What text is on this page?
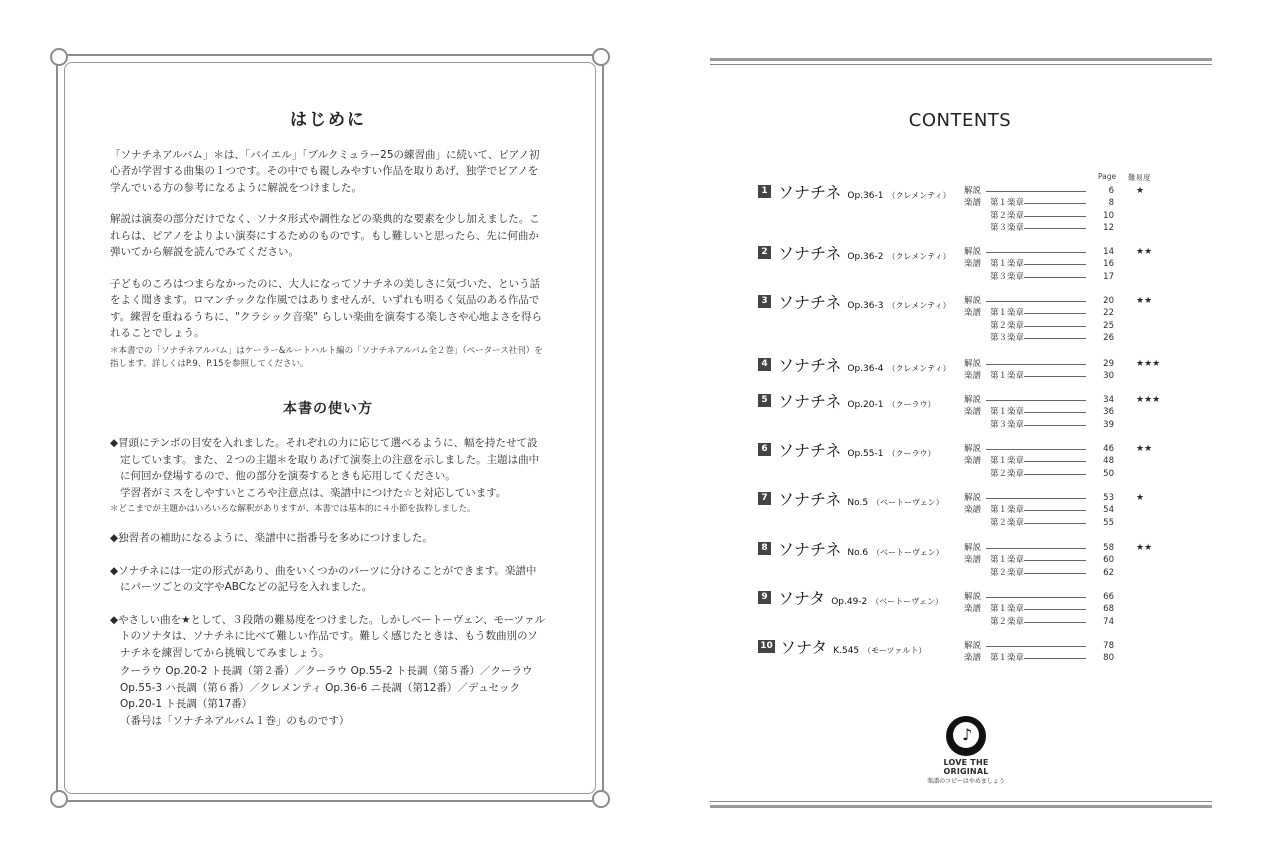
はじめに

「ソナチネアルバム」＊は、「バイエル」「ブルクミュラー25の練習曲」に続いて、ピアノ初心者が学習する曲集の１つです。その中でも親しみやすい作品を取りあげ、独学でピアノを学んでいる方の参考になるように解説をつけました。

解説は演奏の部分だけでなく、ソナタ形式や調性などの楽典的な要素を少し加えました。これらは、ピアノをよりよい演奏にするためのものです。もし難しいと思ったら、先に何曲か弾いてから解説を読んでみてください。

子どものころはつまらなかったのに、大人になってソナチネの美しさに気づいた、という話をよく聞きます。ロマンチックな作風ではありませんが、いずれも明るく気品のある作品です。練習を重ねるうちに、"クラシック音楽" らしい楽曲を演奏する楽しさや心地よさを得られることでしょう。

＊本書での「ソナチネアルバム」はケーラー&ルートハルト編の「ソナチネアルバム全２巻」（ペータース社刊）を指します。詳しくはP.9、P.15を参照してください。

本書の使い方
◆冒頭にテンポの目安を入れました。それぞれの力に応じて選べるように、幅を持たせて設定しています。また、２つの主題＊を取りあげて演奏上の注意を示しました。主題は曲中に何回か登場するので、他の部分を演奏するときも応用してください。
学習者がミスをしやすいところや注意点は、楽譜中につけた☆と対応しています。

＊どこまでが主題かはいろいろな解釈がありますが、本書では基本的に４小節を抜粋しました。

◆独習者の補助になるように、楽譜中に指番号を多めにつけました。
◆ソナチネには一定の形式があり、曲をいくつかのパーツに分けることができます。楽譜中にパーツごとの文字やABCなどの記号を入れました。
◆やさしい曲を★として、３段階の難易度をつけました。しかしベートーヴェン、モーツァルトのソナタは、ソナチネに比べて難しい作品です。難しく感じたときは、もう数曲別のソナチネを練習してから挑戦してみましょう。
クーラウ Op.20-2 ト長調（第２番）／クーラウ Op.55-2 ト長調（第５番）／クーラウOp.55-3 ハ長調（第６番）／クレメンティ Op.36-6 ニ長調（第12番）／デュセック Op.20-1 ト長調（第17番）
（番号は「ソナチネアルバム１巻」のものです）
CONTENTS
Page 難易度
1 ソナチネ Op.36-1 （クレメンティ） 解説	6 ★
楽譜 第１楽章	8
第２楽章	10
第３楽章	12
2 ソナチネ Op.36-2 （クレメンティ） 解説	14 ★★
楽譜 第１楽章	16
第３楽章	17
3 ソナチネ Op.36-3 （クレメンティ） 解説	20 ★★
楽譜 第１楽章	22
第２楽章	25
第３楽章	26
4 ソナチネ Op.36-4 （クレメンティ） 解説	29 ★★★
楽譜 第１楽章	30
5 ソナチネ Op.20-1 （クーラウ）	解説	34 ★★★
楽譜 第１楽章	36
第３楽章	39
6 ソナチネ Op.55-1 （クーラウ）	解説	46 ★★
楽譜 第１楽章	48
第２楽章	50
7 ソナチネ No.5 （ベートーヴェン） 解説	53 ★
楽譜 第１楽章	54
第２楽章	55
8 ソナチネ No.6 （ベートーヴェン） 解説	58 ★★
楽譜 第１楽章	60
第２楽章	62
9 ソナタ Op.49-2 （ベートーヴェン） 解説	66
楽譜 第１楽章	68
第２楽章	74
10 ソナタ K.545 （モーツァルト）	解説	78
楽譜 第１楽章	80
♪
LOVE THE ORIGINAL
楽譜のコピーはやめましょう
